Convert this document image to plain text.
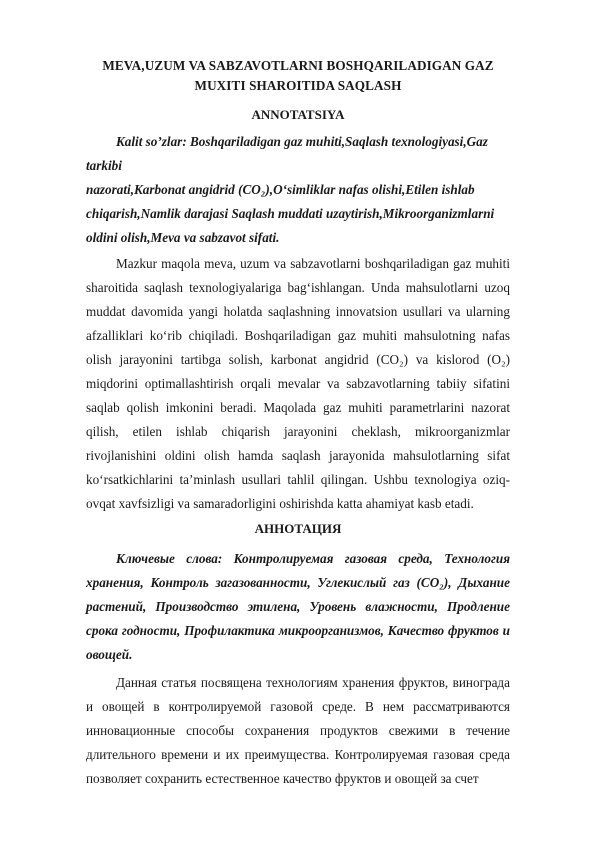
MEVA,UZUM VA SABZAVOTLARNI BOSHQARILADIGAN GAZ

MUXITI SHAROITIDA SAQLASH

ANNOTATSIYA

Kalit so’zlar: Boshqariladigan gaz muhiti,Saqlash texnologiyasi,Gaz tarkibi

nazorati,Karbonat angidrid (CO₂),O‘simliklar nafas olishi,Etilen ishlab

chiqarish,Namlik darajasi Saqlash muddati uzaytirish,Mikroorganizmlarni

oldini olish,Meva va sabzavot sifati.

Mazkur maqola meva, uzum va sabzavotlarni boshqariladigan gaz muhiti sharoitida saqlash texnologiyalariga bag‘ishlangan. Unda mahsulotlarni uzoq muddat davomida yangi holatda saqlashning innovatsion usullari va ularning afzalliklari ko‘rib chiqiladi. Boshqariladigan gaz muhiti mahsulotning nafas olish jarayonini tartibga solish, karbonat angidrid (CO₂) va kislorod (O₂) miqdorini optimallashtirish orqali mevalar va sabzavotlarning tabiiy sifatini saqlab qolish imkonini beradi. Maqolada gaz muhiti parametrlarini nazorat qilish, etilen ishlab chiqarish jarayonini cheklash, mikroorganizmlar rivojlanishini oldini olish hamda saqlash jarayonida mahsulotlarning sifat ko‘rsatkichlarini ta’minlash usullari tahlil qilingan. Ushbu texnologiya oziq-ovqat xavfsizligi va samaradorligini oshirishda katta ahamiyat kasb etadi.

АННОТАЦИЯ

Ключевые слова: Контролируемая газовая среда, Технология хранения, Контроль загазованности, Углекислый газ (CO₂), Дыхание растений, Производство этилена, Уровень влажности, Продление срока годности, Профилактика микроорганизмов, Качество фруктов и овощей.

Данная статья посвящена технологиям хранения фруктов, винограда и овощей в контролируемой газовой среде. В нем рассматриваются инновационные способы сохранения продуктов свежими в течение длительного времени и их преимущества. Контролируемая газовая среда позволяет сохранить естественное качество фруктов и овощей за счет
